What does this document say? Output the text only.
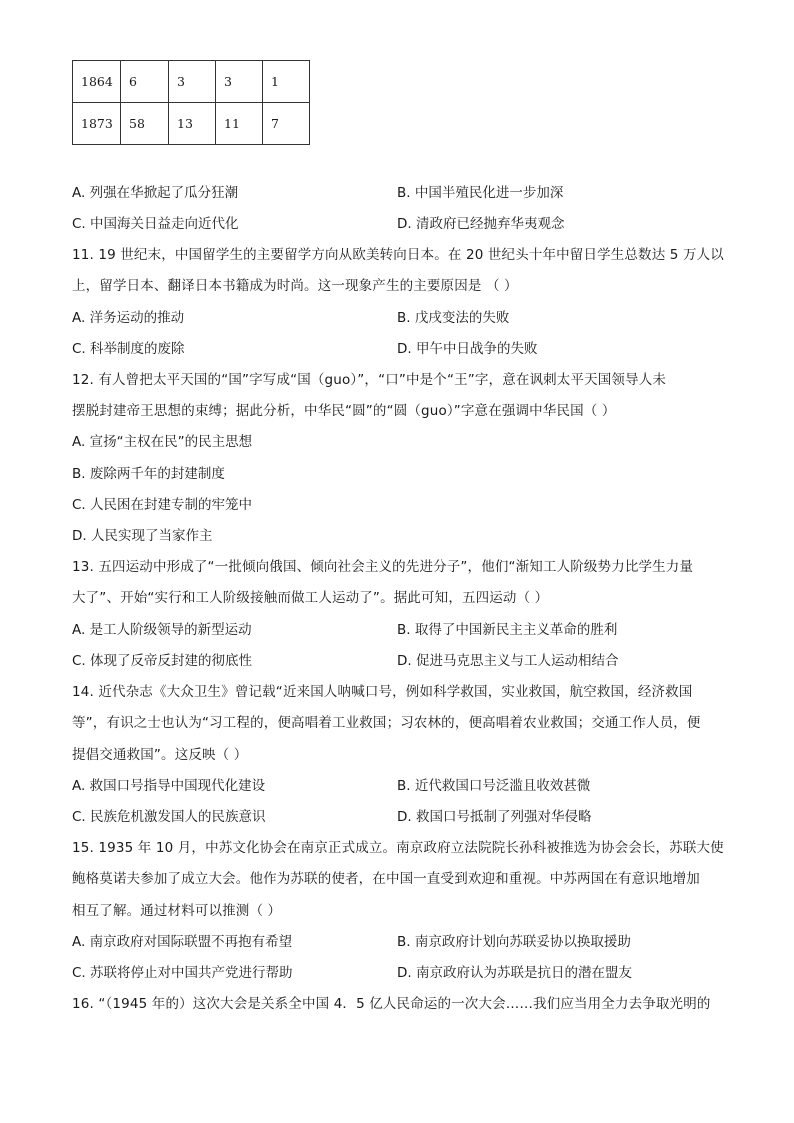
1864	6	3	3	1
1873	58	13	11	7
A. 列强在华掀起了瓜分狂潮	B. 中国半殖民化进一步加深
C. 中国海关日益走向近代化	D. 清政府已经抛弃华夷观念
11. 19 世纪末，中国留学生的主要留学方向从欧美转向日本。在 20 世纪头十年中留日学生总数达 5 万人以
上，留学日本、翻译日本书籍成为时尚。这一现象产生的主要原因是 （ ）
A. 洋务运动的推动	B. 戊戌变法的失败
C. 科举制度的废除	D. 甲午中日战争的失败
12. 有人曾把太平天国的“国”字写成“国（guo）”，“口”中是个“王”字，意在讽刺太平天国领导人未
摆脱封建帝王思想的束缚；据此分析，中华民“圆”的“圆（guo）”字意在强调中华民国（ ）
A. 宣扬“主权在民”的民主思想
B. 废除两千年的封建制度
C. 人民困在封建专制的牢笼中
D. 人民实现了当家作主
13. 五四运动中形成了“一批倾向俄国、倾向社会主义的先进分子”，他们“渐知工人阶级势力比学生力量
大了”、开始“实行和工人阶级接触而做工人运动了”。据此可知，五四运动（ ）
A. 是工人阶级领导的新型运动	B. 取得了中国新民主主义革命的胜利
C. 体现了反帝反封建的彻底性	D. 促进马克思主义与工人运动相结合
14. 近代杂志《大众卫生》曾记载“近来国人呐喊口号，例如科学救国，实业救国，航空救国，经济救国
等”，有识之士也认为“习工程的，便高唱着工业救国；习农林的，便高唱着农业救国；交通工作人员，便
提倡交通救国”。这反映（ ）
A. 救国口号指导中国现代化建设	B. 近代救国口号泛滥且收效甚微
C. 民族危机激发国人的民族意识	D. 救国口号抵制了列强对华侵略
15. 1935 年 10 月，中苏文化协会在南京正式成立。南京政府立法院院长孙科被推选为协会会长，苏联大使
鲍格莫诺夫参加了成立大会。他作为苏联的使者，在中国一直受到欢迎和重视。中苏两国在有意识地增加
相互了解。通过材料可以推测（ ）
A. 南京政府对国际联盟不再抱有希望	B. 南京政府计划向苏联妥协以换取援助
C. 苏联将停止对中国共产党进行帮助	D. 南京政府认为苏联是抗日的潜在盟友
16. “（1945 年的）这次大会是关系全中国 4．5 亿人民命运的一次大会……我们应当用全力去争取光明的
